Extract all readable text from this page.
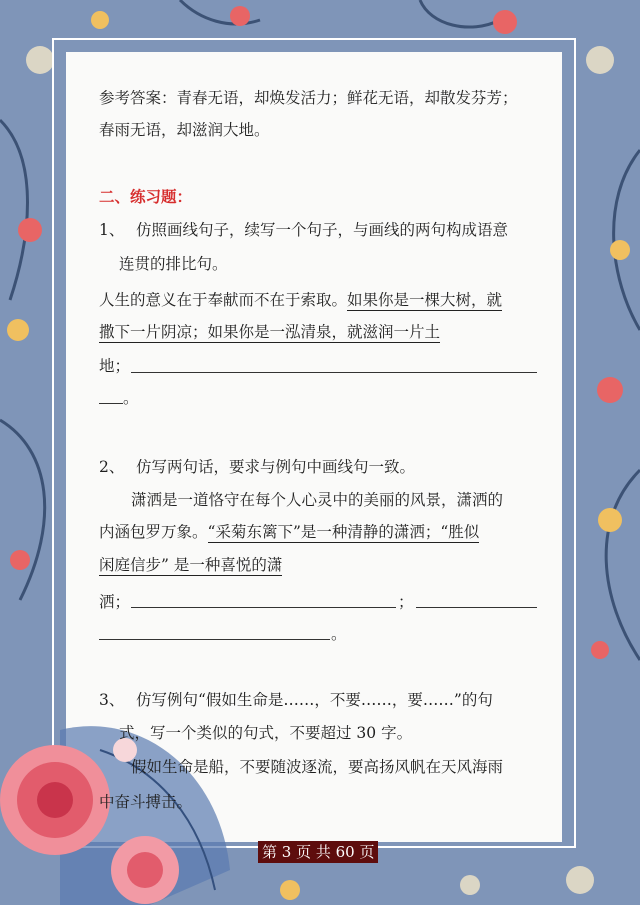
参考答案：青春无语，却焕发活力；鲜花无语，却散发芬芳；
春雨无语，却滋润大地。
二、练习题：
1、 仿照画线句子，续写一个句子，与画线的两句构成语意
连贯的排比句。
人生的意义在于奉献而不在于索取。如果你是一棵大树，就
撒下一片阴凉；如果你是一泓清泉，就滋润一片土
地；
。
2、 仿写两句话，要求与例句中画线句一致。
潇洒是一道恪守在每个人心灵中的美丽的风景，潇洒的
内涵包罗万象。“采菊东篱下”是一种清静的潇洒；“胜似
闲庭信步” 是一种喜悦的潇
洒；	；
。
3、 仿写例句“假如生命是……，不要……，要……”的句
式，写一个类似的句式，不要超过 30 字。
假如生命是船，不要随波逐流，要高扬风帆在天风海雨
中奋斗搏击。
第 3 页 共 60 页
